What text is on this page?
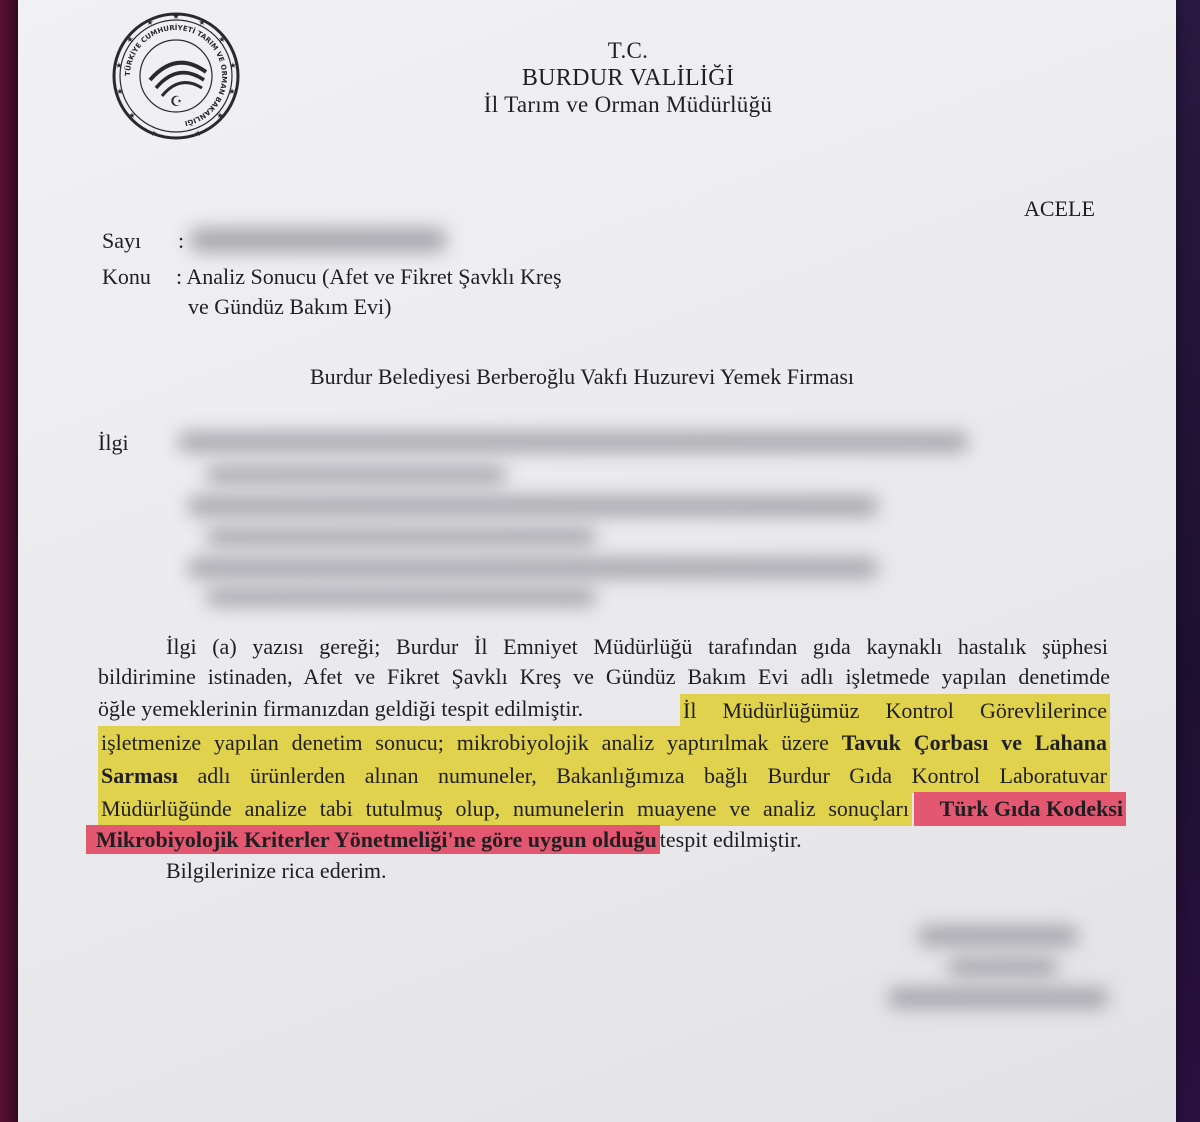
TÜRKİYE CUMHURİYETİ TARIM VE ORMAN BAKANLIĞI
★
★
★
★
★
★
★
★
★
★
★
★
★
☪
T.C.
BURDUR VALİLİĞİ
İl Tarım ve Orman Müdürlüğü
ACELE
Sayı :
Konu : Analiz Sonucu (Afet ve Fikret Şavklı Kreş
ve Gündüz Bakım Evi)
Burdur Belediyesi Berberoğlu Vakfı Huzurevi Yemek Firması
İlgi
İlgi (a) yazısı gereği; Burdur İl Emniyet Müdürlüğü tarafından gıda kaynaklı hastalık şüphesi
bildirimine istinaden, Afet ve Fikret Şavklı Kreş ve Gündüz Bakım Evi adlı işletmede yapılan denetimde
öğle yemeklerinin firmanızdan geldiği tespit edilmiştir.	İl Müdürlüğümüz Kontrol Görevlilerince
işletmenize yapılan denetim sonucu; mikrobiyolojik analiz yaptırılmak üzere Tavuk Çorbası ve Lahana
Sarması adlı ürünlerden alınan numuneler, Bakanlığımıza bağlı Burdur Gıda Kontrol Laboratuvar
Müdürlüğünde analize tabi tutulmuş olup, numunelerin muayene ve analiz sonuçları	Türk Gıda Kodeksi
Mikrobiyolojik Kriterler Yönetmeliği'ne göre uygun olduğu tespit edilmiştir.
Bilgilerinize rica ederim.
